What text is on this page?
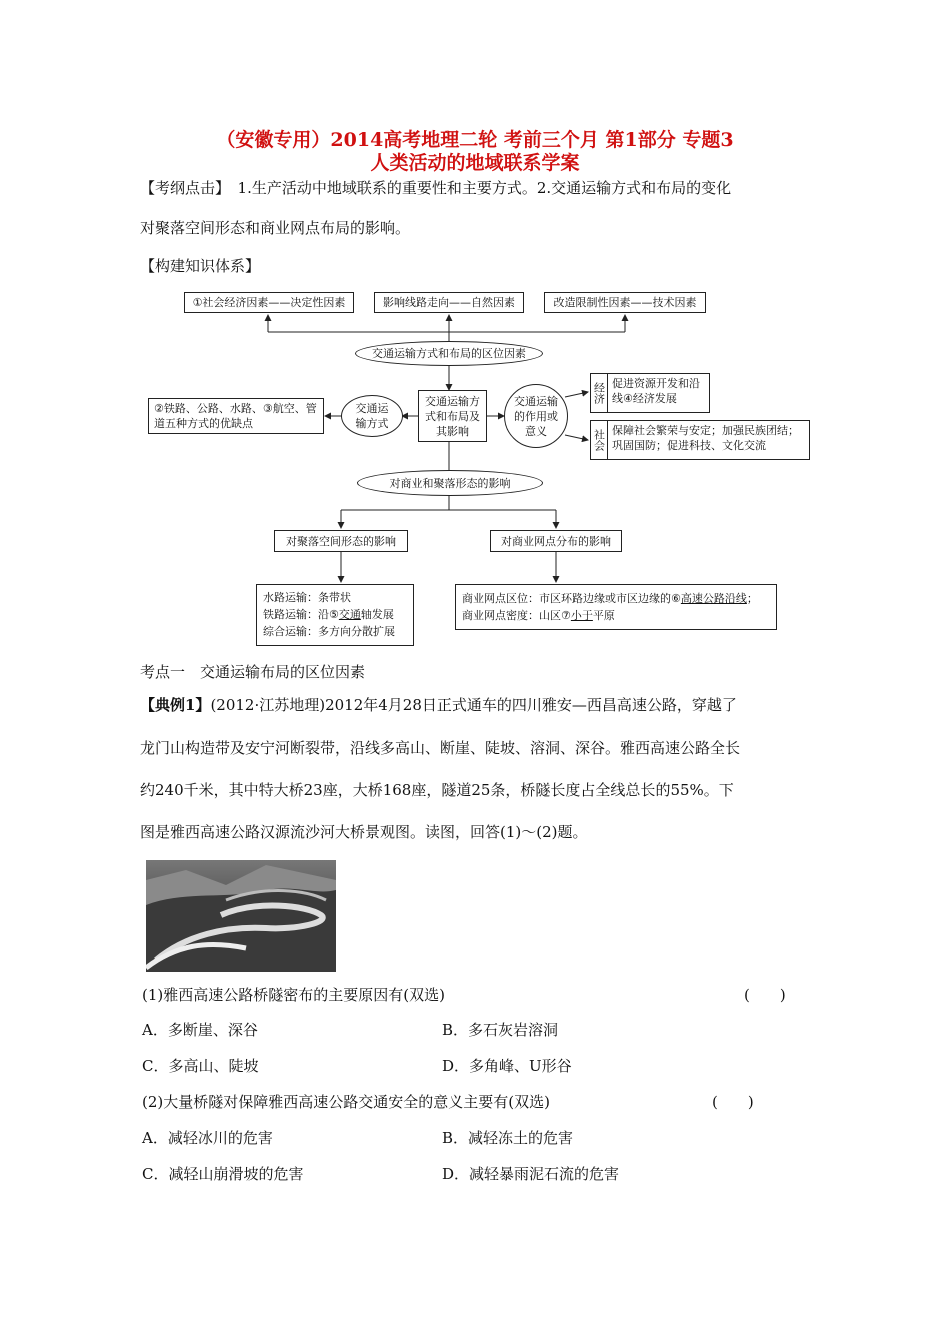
（安徽专用）2014高考地理二轮 考前三个月 第1部分 专题3
人类活动的地域联系学案
【考纲点击】　 1.生产活动中地域联系的重要性和主要方式。2.交通运输方式和布局的变化
对聚落空间形态和商业网点布局的影响。
【构建知识体系】
①社会经济因素——决定性因素	影响线路走向——自然因素	改造限制性因素——技术因素
交通运输方式和布局的区位因素
交通运输方式和布局及其影响
交通运输方式
②铁路、公路、水路、③航空、管道五种方式的优缺点
交通运输的作用或意义
经济 促进资源开发和沿线④经济发展
社会 保障社会繁荣与安定；加强民族团结；巩固国防；促进科技、文化交流
对商业和聚落形态的影响
对聚落空间形态的影响	对商业网点分布的影响
水路运输：条带状
铁路运输：沿⑤交通轴发展
综合运输：多方向分散扩展
商业网点区位：市区环路边缘或市区边缘的⑥高速公路沿线；
商业网点密度：山区⑦小于平原
考点一　交通运输布局的区位因素
【典例1】(2012·江苏地理)2012年4月28日正式通车的四川雅安—西昌高速公路，穿越了
龙门山构造带及安宁河断裂带，沿线多高山、断崖、陡坡、溶洞、深谷。雅西高速公路全长
约240千米，其中特大桥23座，大桥168座，隧道25条，桥隧长度占全线总长的55%。下
图是雅西高速公路汉源流沙河大桥景观图。读图，回答(1)～(2)题。
(1)雅西高速公路桥隧密布的主要原因有(双选)	(　　)
A．多断崖、深谷	B．多石灰岩溶洞
C．多高山、陡坡	D．多角峰、U形谷
(2)大量桥隧对保障雅西高速公路交通安全的意义主要有(双选)	(　　)
A．减轻冰川的危害	B．减轻冻土的危害
C．减轻山崩滑坡的危害	D．减轻暴雨泥石流的危害
